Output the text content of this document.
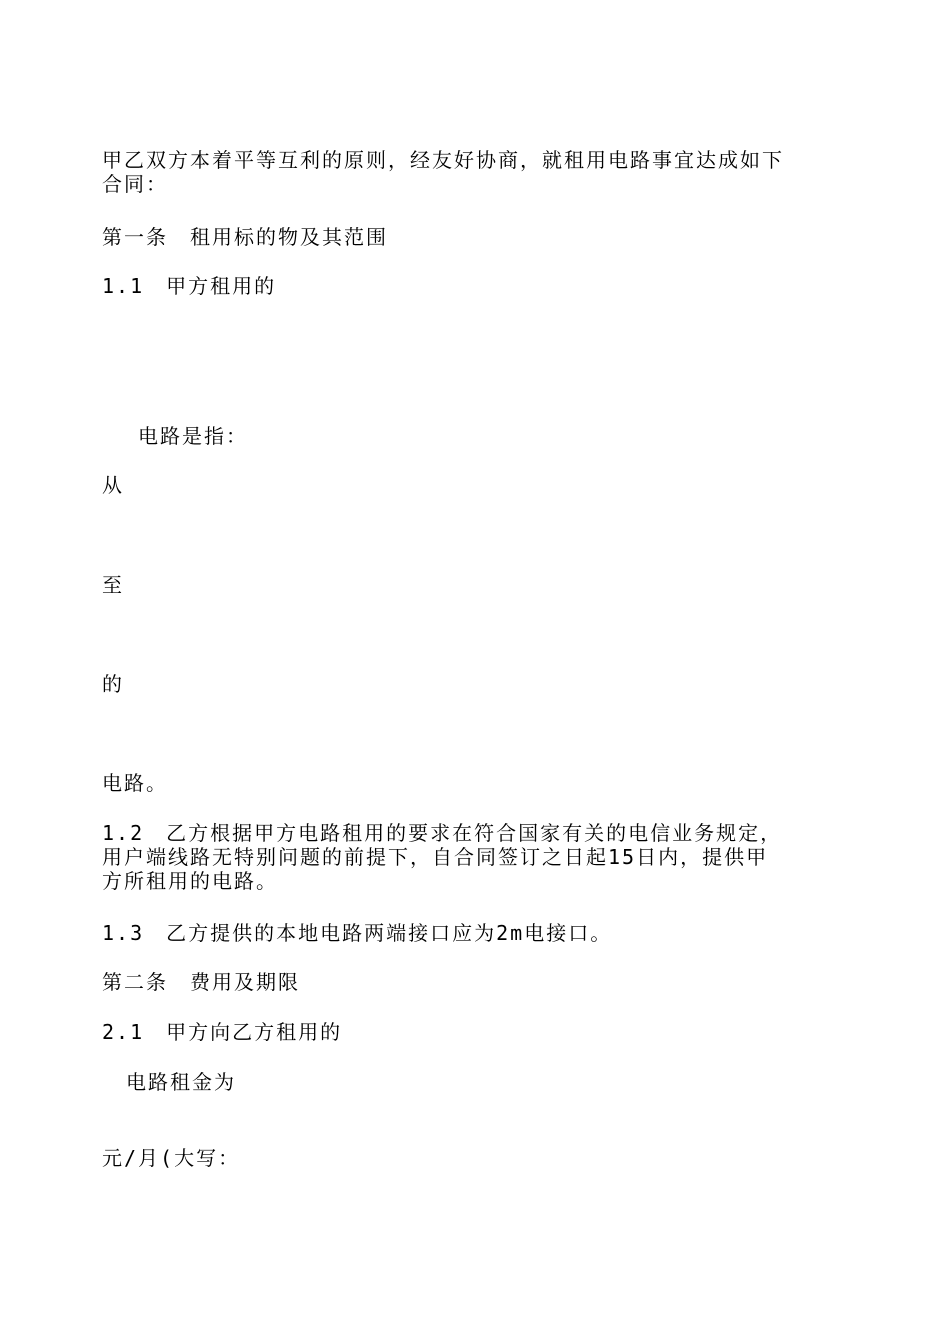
甲乙双方本着平等互利的原则，经友好协商，就租用电路事宜达成如下
合同：
第一条　租用标的物及其范围
1.1　甲方租用的
电路是指：
从
至
的
电路。
1.2　乙方根据甲方电路租用的要求在符合国家有关的电信业务规定，
用户端线路无特别问题的前提下，自合同签订之日起15日内，提供甲
方所租用的电路。
1.3　乙方提供的本地电路两端接口应为2m电接口。
第二条　费用及期限
2.1　甲方向乙方租用的
电路租金为
元/月(大写：
